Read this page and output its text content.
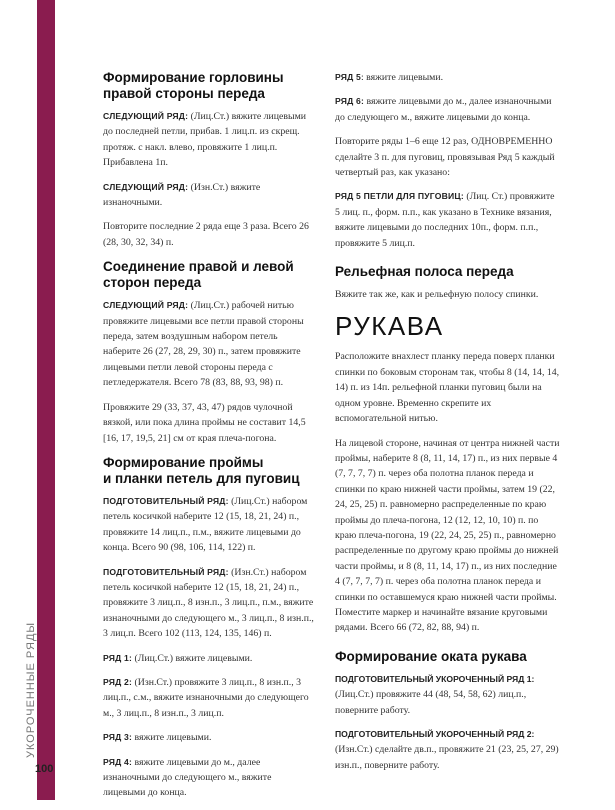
УКОРОЧЕННЫЕ РЯДЫ
100
Формирование горловины
правой стороны переда

СЛЕДУЮЩИЙ РЯД: (Лиц.Ст.) вяжите лицевыми до последней петли, прибав. 1 лиц.п. из скрещ. протяж. с накл. влево, провяжите 1 лиц.п. Прибавлена 1п.

СЛЕДУЮЩИЙ РЯД: (Изн.Ст.) вяжите изнаночными.

Повторите последние 2 ряда еще 3 раза. Всего 26 (28, 30, 32, 34) п.

Соединение правой и левой
сторон переда

СЛЕДУЮЩИЙ РЯД: (Лиц.Ст.) рабочей нитью провяжите лицевыми все петли правой стороны переда, затем воздушным набором петель наберите 26 (27, 28, 29, 30) п., затем провяжите лицевыми петли левой стороны переда с петледержателя. Всего 78 (83, 88, 93, 98) п.

Провяжите 29 (33, 37, 43, 47) рядов чулочной вязкой, или пока длина проймы не составит 14,5 [16, 17, 19,5, 21] см от края плеча-погона.

Формирование проймы
и планки петель для пуговиц

ПОДГОТОВИТЕЛЬНЫЙ РЯД: (Лиц.Ст.) набором петель косичкой наберите 12 (15, 18, 21, 24) п., провяжите 14 лиц.п., п.м., вяжите лицевыми до конца. Всего 90 (98, 106, 114, 122) п.

ПОДГОТОВИТЕЛЬНЫЙ РЯД: (Изн.Ст.) набором петель косичкой наберите 12 (15, 18, 21, 24) п., провяжите 3 лиц.п., 8 изн.п., 3 лиц.п., п.м., вяжите изнаночными до следующего м., 3 лиц.п., 8 изн.п., 3 лиц.п. Всего 102 (113, 124, 135, 146) п.

РЯД 1: (Лиц.Ст.) вяжите лицевыми.

РЯД 2: (Изн.Ст.) провяжите 3 лиц.п., 8 изн.п., 3 лиц.п., с.м., вяжите изнаночными до следующего м., 3 лиц.п., 8 изн.п., 3 лиц.п.

РЯД 3: вяжите лицевыми.

РЯД 4: вяжите лицевыми до м., далее изнаночными до следующего м., вяжите лицевыми до конца.

РЯД 5: вяжите лицевыми.

РЯД 6: вяжите лицевыми до м., далее изнаночными до следующего м., вяжите лицевыми до конца.

Повторите ряды 1–6 еще 12 раз, ОДНОВРЕМЕННО сделайте 3 п. для пуговиц, провязывая Ряд 5 каждый четвертый раз, как указано:

РЯД 5 ПЕТЛИ ДЛЯ ПУГОВИЦ: (Лиц. Ст.) провяжите 5 лиц. п., форм. п.п., как указано в Технике вязания, вяжите лицевыми до последних 10п., форм. п.п., провяжите 5 лиц.п.

Рельефная полоса переда

Вяжите так же, как и рельефную полосу спинки.

РУКАВА

Расположите внахлест планку переда поверх планки спинки по боковым сторонам так, чтобы 8 (14, 14, 14, 14) п. из 14п. рельефной планки пуговиц были на одном уровне. Временно скрепите их вспомогательной нитью.

На лицевой стороне, начиная от центра нижней части проймы, наберите 8 (8, 11, 14, 17) п., из них первые 4 (7, 7, 7, 7) п. через оба полотна планок переда и спинки по краю нижней части проймы, затем 19 (22, 24, 25, 25) п. равномерно распределенные по краю проймы до плеча-погона, 12 (12, 12, 10, 10) п. по краю плеча-погона, 19 (22, 24, 25, 25) п., равномерно распределенные по другому краю проймы до нижней части проймы, и 8 (8, 11, 14, 17) п., из них последние 4 (7, 7, 7, 7) п. через оба полотна планок переда и спинки по оставшемуся краю нижней части проймы. Поместите маркер и начинайте вязание круговыми рядами. Всего 66 (72, 82, 88, 94) п.

Формирование оката рукава
ПОДГОТОВИТЕЛЬНЫЙ УКОРОЧЕННЫЙ РЯД 1:

(Лиц.Ст.) провяжите 44 (48, 54, 58, 62) лиц.п., поверните работу.

ПОДГОТОВИТЕЛЬНЫЙ УКОРОЧЕННЫЙ РЯД 2:

(Изн.Ст.) сделайте дв.п., провяжите 21 (23, 25, 27, 29) изн.п., поверните работу.
